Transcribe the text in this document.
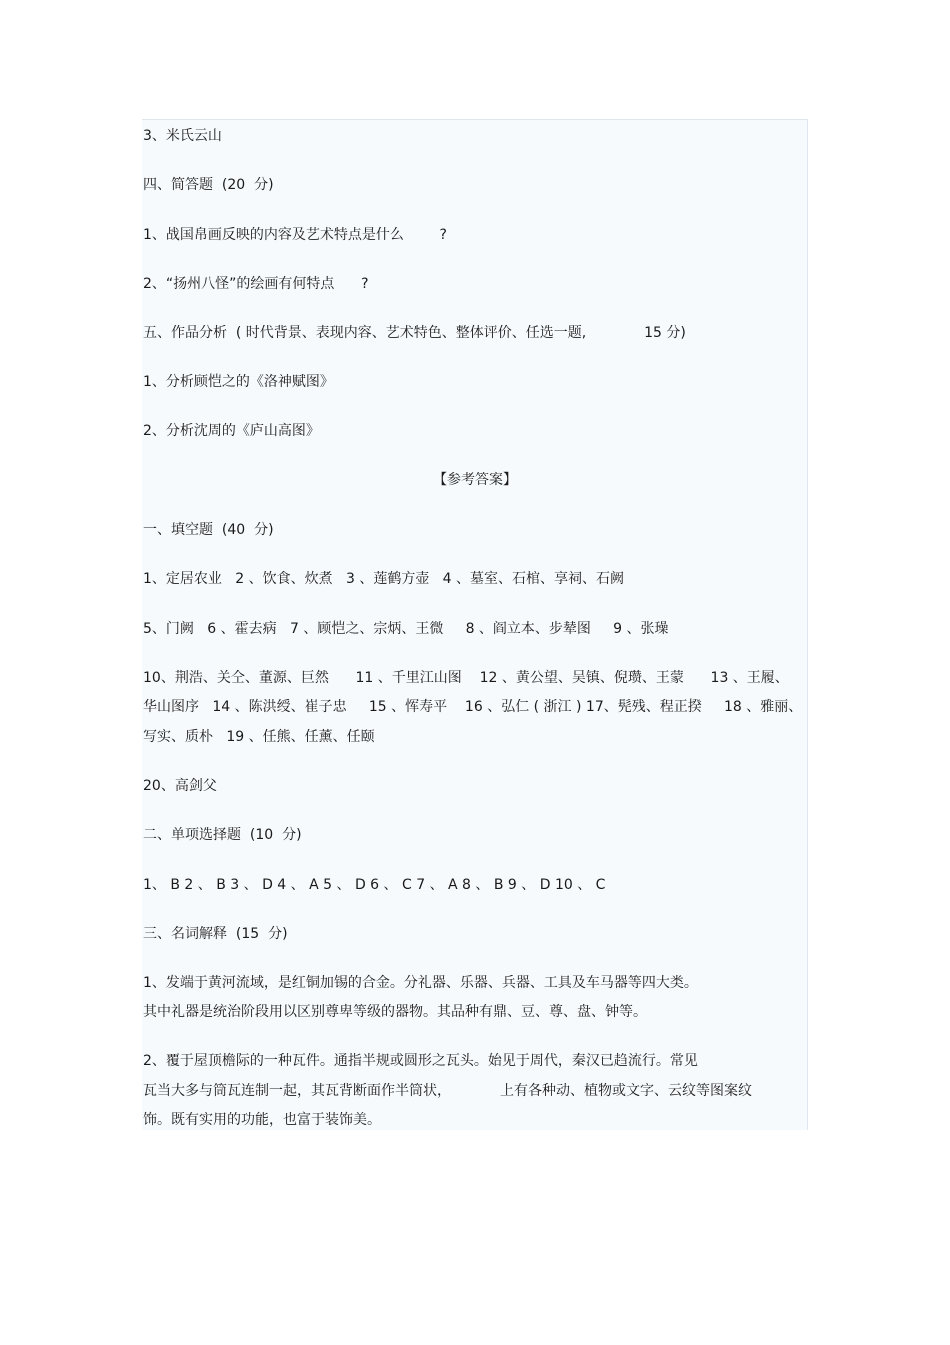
3、米氏云山

四、简答题  (20  分)

1、战国帛画反映的内容及艺术特点是什么        ?

2、“扬州八怪”的绘画有何特点      ?

五、作品分析  ( 时代背景、表现内容、艺术特色、整体评价、任选一题,             15 分)

1、分析顾恺之的《洛神赋图》

2、分析沈周的《庐山高图》

【参考答案】

一、填空题  (40  分)

1、定居农业   2 、饮食、炊煮   3 、莲鹤方壶   4 、墓室、石棺、享祠、石阙

5、门阙   6 、霍去病   7 、顾恺之、宗炳、王微     8 、阎立本、步辇图     9 、张璪

10、荆浩、关仝、董源、巨然      11 、千里江山图    12 、黄公望、吴镇、倪瓒、王蒙      13 、王履、

华山图序   14 、陈洪绶、崔子忠     15 、恽寿平    16 、弘仁 ( 浙江 ) 17、髡残、程正揆     18 、雅丽、

写实、质朴   19 、任熊、任薰、任颐

20、高剑父

二、单项选择题  (10  分)

1、 B 2 、 B 3 、 D 4 、 A 5 、 D 6 、 C 7 、 A 8 、 B 9 、 D 10 、 C

三、名词解释  (15  分)

1、发端于黄河流域，是红铜加锡的合金。分礼器、乐器、兵器、工具及车马器等四大类。

其中礼器是统治阶段用以区别尊卑等级的器物。其品种有鼎、豆、尊、盘、钟等。

2、覆于屋顶檐际的一种瓦件。通指半规或圆形之瓦头。始见于周代，秦汉已趋流行。常见

瓦当大多与筒瓦连制一起，其瓦背断面作半筒状，           上有各种动、植物或文字、云纹等图案纹

饰。既有实用的功能，也富于装饰美。
